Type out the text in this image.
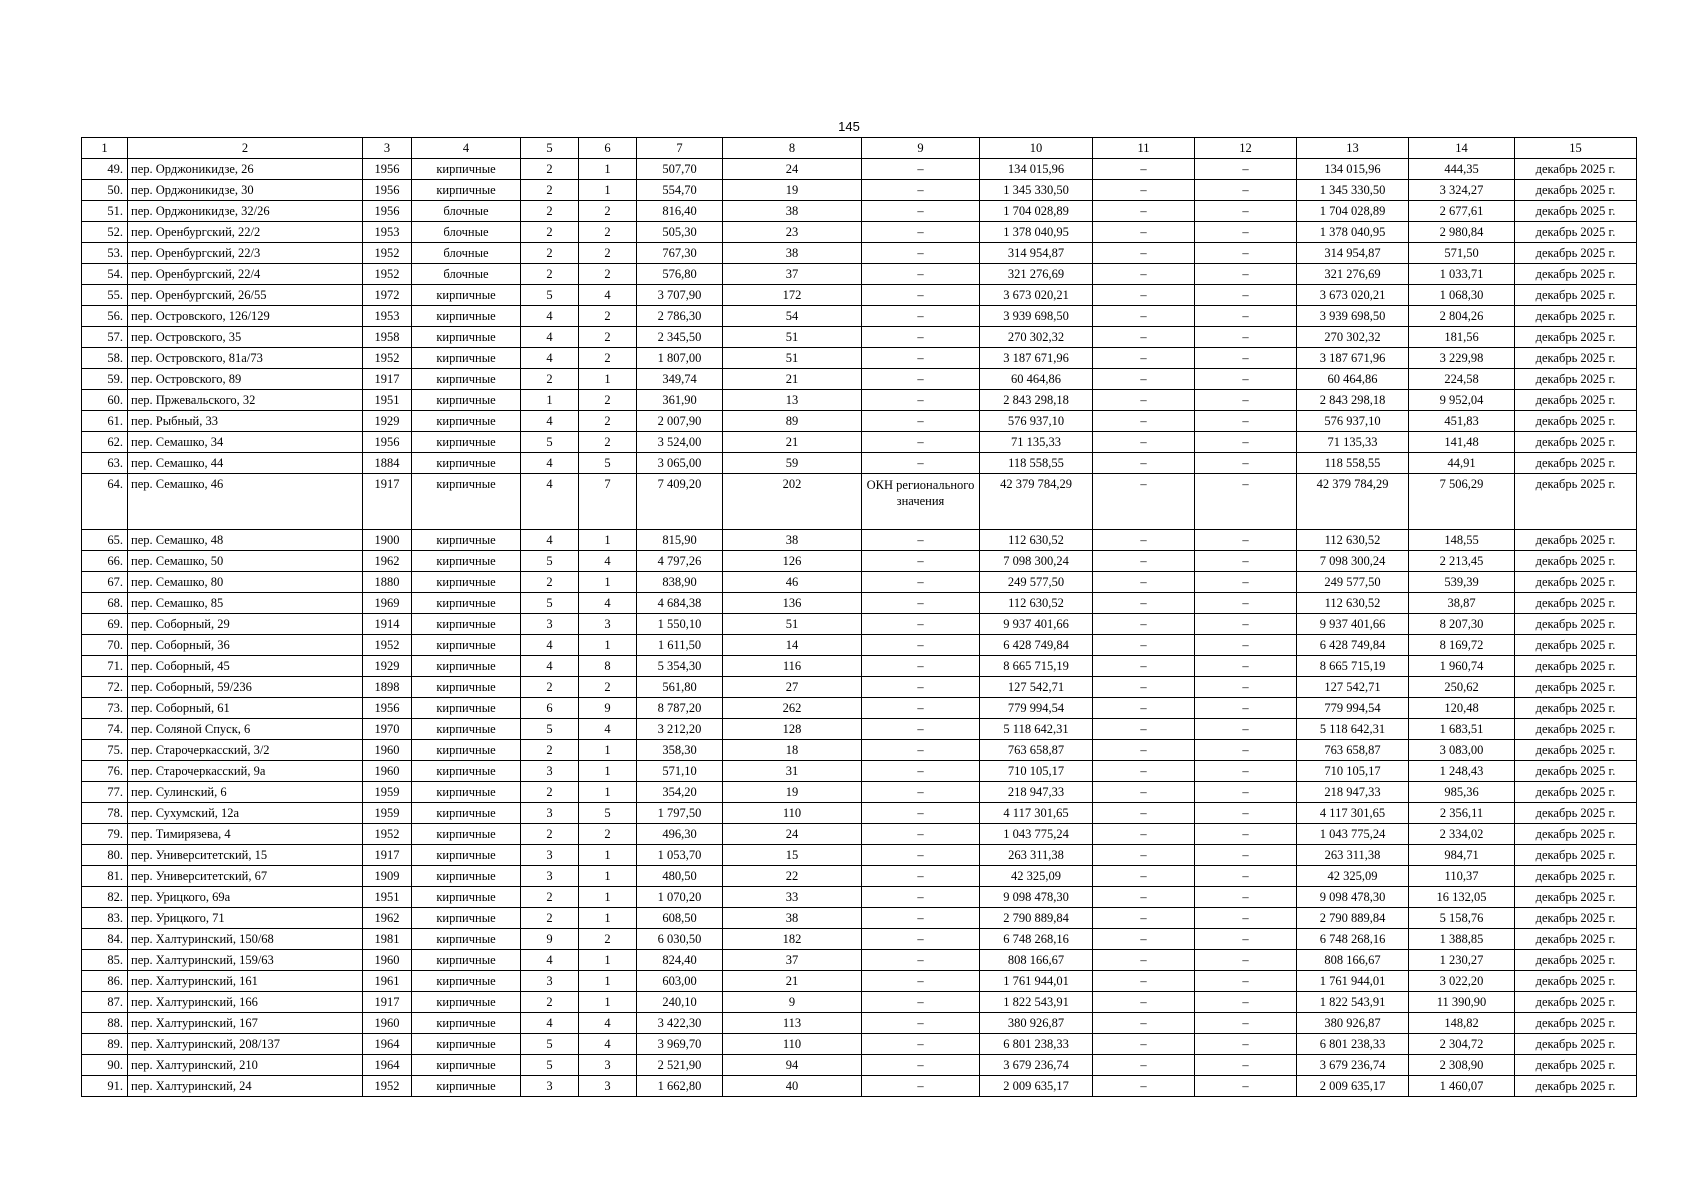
145
1	2	3	4	5	6	7	8	9	10	11	12	13	14	15
49.	пер. Орджоникидзе, 26	1956	кирпичные	2	1	507,70	24	–	134 015,96	–	–	134 015,96	444,35	декабрь 2025 г.
50.	пер. Орджоникидзе, 30	1956	кирпичные	2	1	554,70	19	–	1 345 330,50	–	–	1 345 330,50	3 324,27	декабрь 2025 г.
51.	пер. Орджоникидзе, 32/26	1956	блочные	2	2	816,40	38	–	1 704 028,89	–	–	1 704 028,89	2 677,61	декабрь 2025 г.
52.	пер. Оренбургский, 22/2	1953	блочные	2	2	505,30	23	–	1 378 040,95	–	–	1 378 040,95	2 980,84	декабрь 2025 г.
53.	пер. Оренбургский, 22/3	1952	блочные	2	2	767,30	38	–	314 954,87	–	–	314 954,87	571,50	декабрь 2025 г.
54.	пер. Оренбургский, 22/4	1952	блочные	2	2	576,80	37	–	321 276,69	–	–	321 276,69	1 033,71	декабрь 2025 г.
55.	пер. Оренбургский, 26/55	1972	кирпичные	5	4	3 707,90	172	–	3 673 020,21	–	–	3 673 020,21	1 068,30	декабрь 2025 г.
56.	пер. Островского, 126/129	1953	кирпичные	4	2	2 786,30	54	–	3 939 698,50	–	–	3 939 698,50	2 804,26	декабрь 2025 г.
57.	пер. Островского, 35	1958	кирпичные	4	2	2 345,50	51	–	270 302,32	–	–	270 302,32	181,56	декабрь 2025 г.
58.	пер. Островского, 81а/73	1952	кирпичные	4	2	1 807,00	51	–	3 187 671,96	–	–	3 187 671,96	3 229,98	декабрь 2025 г.
59.	пер. Островского, 89	1917	кирпичные	2	1	349,74	21	–	60 464,86	–	–	60 464,86	224,58	декабрь 2025 г.
60.	пер. Пржевальского, 32	1951	кирпичные	1	2	361,90	13	–	2 843 298,18	–	–	2 843 298,18	9 952,04	декабрь 2025 г.
61.	пер. Рыбный, 33	1929	кирпичные	4	2	2 007,90	89	–	576 937,10	–	–	576 937,10	451,83	декабрь 2025 г.
62.	пер. Семашко, 34	1956	кирпичные	5	2	3 524,00	21	–	71 135,33	–	–	71 135,33	141,48	декабрь 2025 г.
63.	пер. Семашко, 44	1884	кирпичные	4	5	3 065,00	59	–	118 558,55	–	–	118 558,55	44,91	декабрь 2025 г.
64.	пер. Семашко, 46	1917	кирпичные	4	7	7 409,20	202	ОКН регионального значения	42 379 784,29	–	–	42 379 784,29	7 506,29	декабрь 2025 г.
65.	пер. Семашко, 48	1900	кирпичные	4	1	815,90	38	–	112 630,52	–	–	112 630,52	148,55	декабрь 2025 г.
66.	пер. Семашко, 50	1962	кирпичные	5	4	4 797,26	126	–	7 098 300,24	–	–	7 098 300,24	2 213,45	декабрь 2025 г.
67.	пер. Семашко, 80	1880	кирпичные	2	1	838,90	46	–	249 577,50	–	–	249 577,50	539,39	декабрь 2025 г.
68.	пер. Семашко, 85	1969	кирпичные	5	4	4 684,38	136	–	112 630,52	–	–	112 630,52	38,87	декабрь 2025 г.
69.	пер. Соборный, 29	1914	кирпичные	3	3	1 550,10	51	–	9 937 401,66	–	–	9 937 401,66	8 207,30	декабрь 2025 г.
70.	пер. Соборный, 36	1952	кирпичные	4	1	1 611,50	14	–	6 428 749,84	–	–	6 428 749,84	8 169,72	декабрь 2025 г.
71.	пер. Соборный, 45	1929	кирпичные	4	8	5 354,30	116	–	8 665 715,19	–	–	8 665 715,19	1 960,74	декабрь 2025 г.
72.	пер. Соборный, 59/236	1898	кирпичные	2	2	561,80	27	–	127 542,71	–	–	127 542,71	250,62	декабрь 2025 г.
73.	пер. Соборный, 61	1956	кирпичные	6	9	8 787,20	262	–	779 994,54	–	–	779 994,54	120,48	декабрь 2025 г.
74.	пер. Соляной Спуск, 6	1970	кирпичные	5	4	3 212,20	128	–	5 118 642,31	–	–	5 118 642,31	1 683,51	декабрь 2025 г.
75.	пер. Старочеркасский, 3/2	1960	кирпичные	2	1	358,30	18	–	763 658,87	–	–	763 658,87	3 083,00	декабрь 2025 г.
76.	пер. Старочеркасский, 9а	1960	кирпичные	3	1	571,10	31	–	710 105,17	–	–	710 105,17	1 248,43	декабрь 2025 г.
77.	пер. Сулинский, 6	1959	кирпичные	2	1	354,20	19	–	218 947,33	–	–	218 947,33	985,36	декабрь 2025 г.
78.	пер. Сухумский, 12а	1959	кирпичные	3	5	1 797,50	110	–	4 117 301,65	–	–	4 117 301,65	2 356,11	декабрь 2025 г.
79.	пер. Тимирязева, 4	1952	кирпичные	2	2	496,30	24	–	1 043 775,24	–	–	1 043 775,24	2 334,02	декабрь 2025 г.
80.	пер. Университетский, 15	1917	кирпичные	3	1	1 053,70	15	–	263 311,38	–	–	263 311,38	984,71	декабрь 2025 г.
81.	пер. Университетский, 67	1909	кирпичные	3	1	480,50	22	–	42 325,09	–	–	42 325,09	110,37	декабрь 2025 г.
82.	пер. Урицкого, 69а	1951	кирпичные	2	1	1 070,20	33	–	9 098 478,30	–	–	9 098 478,30	16 132,05	декабрь 2025 г.
83.	пер. Урицкого, 71	1962	кирпичные	2	1	608,50	38	–	2 790 889,84	–	–	2 790 889,84	5 158,76	декабрь 2025 г.
84.	пер. Халтуринский, 150/68	1981	кирпичные	9	2	6 030,50	182	–	6 748 268,16	–	–	6 748 268,16	1 388,85	декабрь 2025 г.
85.	пер. Халтуринский, 159/63	1960	кирпичные	4	1	824,40	37	–	808 166,67	–	–	808 166,67	1 230,27	декабрь 2025 г.
86.	пер. Халтуринский, 161	1961	кирпичные	3	1	603,00	21	–	1 761 944,01	–	–	1 761 944,01	3 022,20	декабрь 2025 г.
87.	пер. Халтуринский, 166	1917	кирпичные	2	1	240,10	9	–	1 822 543,91	–	–	1 822 543,91	11 390,90	декабрь 2025 г.
88.	пер. Халтуринский, 167	1960	кирпичные	4	4	3 422,30	113	–	380 926,87	–	–	380 926,87	148,82	декабрь 2025 г.
89.	пер. Халтуринский, 208/137	1964	кирпичные	5	4	3 969,70	110	–	6 801 238,33	–	–	6 801 238,33	2 304,72	декабрь 2025 г.
90.	пер. Халтуринский, 210	1964	кирпичные	5	3	2 521,90	94	–	3 679 236,74	–	–	3 679 236,74	2 308,90	декабрь 2025 г.
91.	пер. Халтуринский, 24	1952	кирпичные	3	3	1 662,80	40	–	2 009 635,17	–	–	2 009 635,17	1 460,07	декабрь 2025 г.
